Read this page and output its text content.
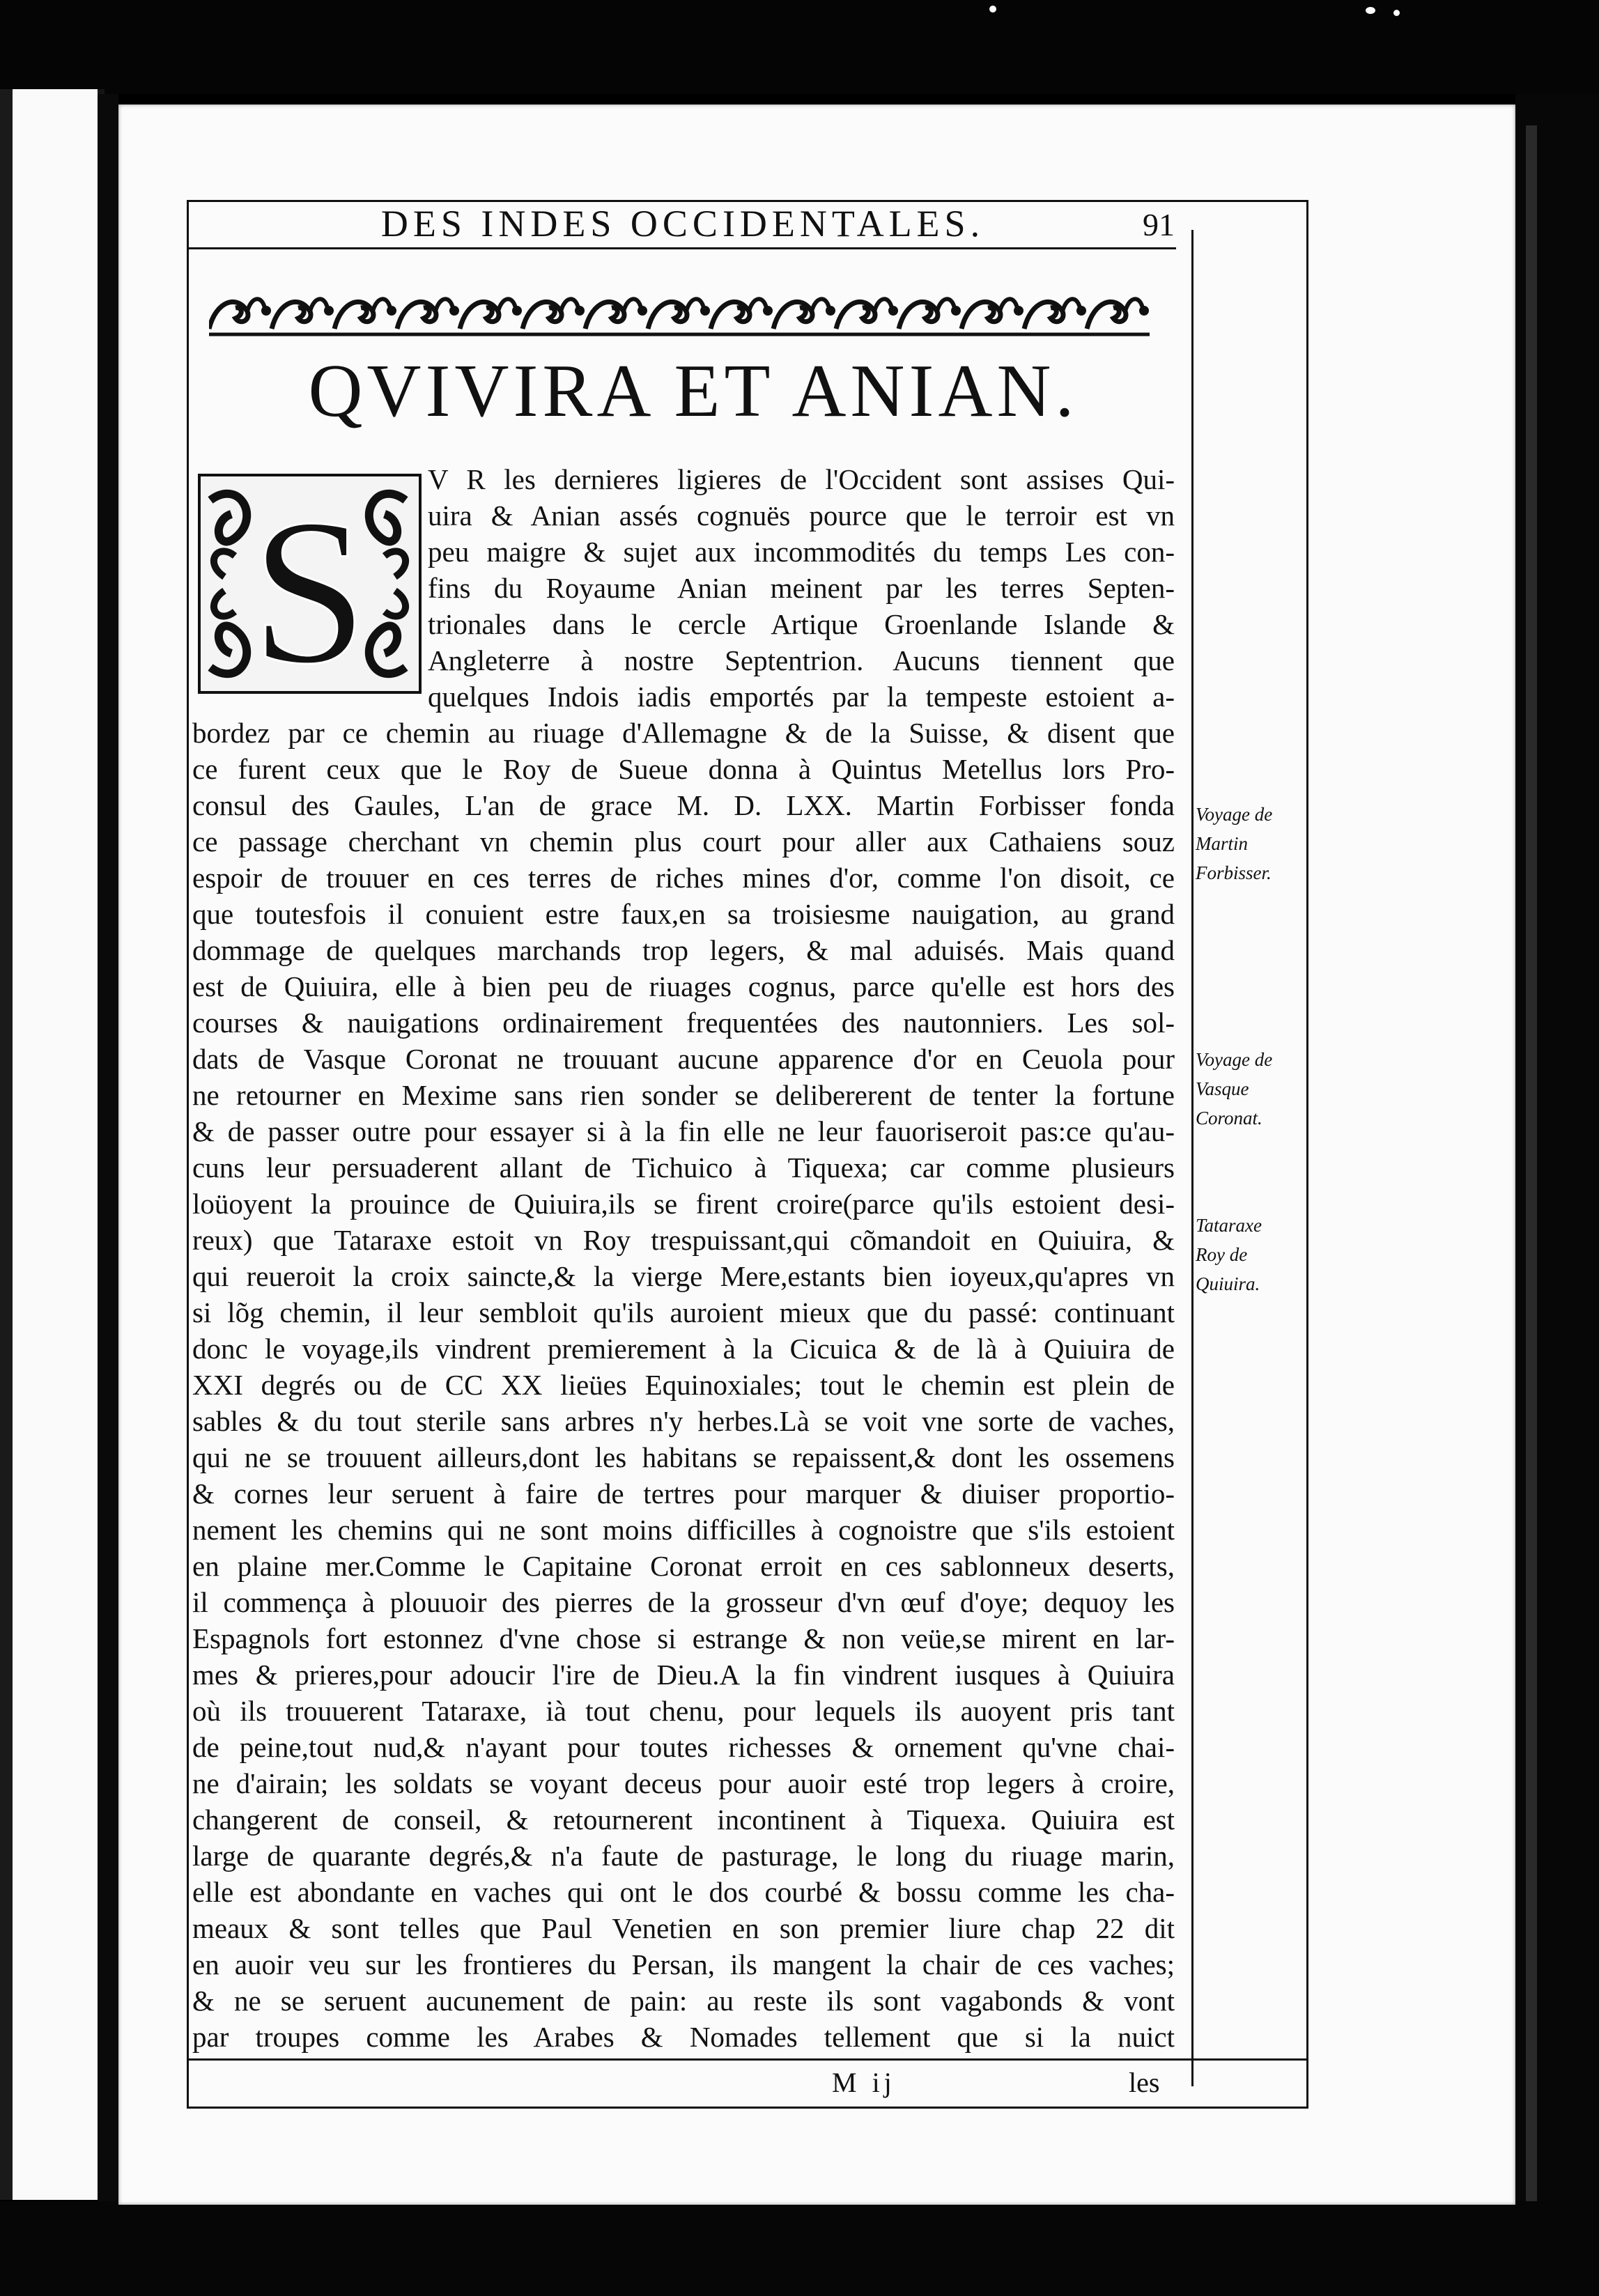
DES INDES OCCIDENTALES.	91
QVIVIRA ET ANIAN.
S V R les dernieres ligieres de l'Occident sont assises Qui-
uira & Anian assés cognuës pource que le terroir est vn
peu maigre & sujet aux incommodités du temps Les con-
fins du Royaume Anian meinent par les terres Septen-
trionales dans le cercle Artique Groenlande Islande &
Angleterre à nostre Septentrion. Aucuns tiennent que
quelques Indois iadis emportés par la tempeste estoient a-
bordez par ce chemin au riuage d'Allemagne & de la Suisse, & disent que
ce furent ceux que le Roy de Sueue donna à Quintus Metellus lors Pro-
consul des Gaules, L'an de grace M. D. LXX. Martin Forbisser fonda
ce passage cherchant vn chemin plus court pour aller aux Cathaiens souz
espoir de trouuer en ces terres de riches mines d'or, comme l'on disoit, ce
que toutesfois il conuient estre faux,en sa troisiesme nauigation, au grand
dommage de quelques marchands trop legers, & mal aduisés. Mais quand
est de Quiuira, elle à bien peu de riuages cognus, parce qu'elle est hors des
courses & nauigations ordinairement frequentées des nautonniers. Les sol-
dats de Vasque Coronat ne trouuant aucune apparence d'or en Ceuola pour
ne retourner en Mexime sans rien sonder se delibererent de tenter la fortune
& de passer outre pour essayer si à la fin elle ne leur fauoriseroit pas:ce qu'au-
cuns leur persuaderent allant de Tichuico à Tiquexa; car comme plusieurs
loüoyent la prouince de Quiuira,ils se firent croire(parce qu'ils estoient desi-
reux) que Tataraxe estoit vn Roy trespuissant,qui cõmandoit en Quiuira, &
qui reueroit la croix saincte,& la vierge Mere,estants bien ioyeux,qu'apres vn
si lõg chemin, il leur sembloit qu'ils auroient mieux que du passé: continuant
donc le voyage,ils vindrent premierement à la Cicuica & de là à Quiuira de
XXI degrés ou de CC XX lieües Equinoxiales; tout le chemin est plein de
sables & du tout sterile sans arbres n'y herbes.Là se voit vne sorte de vaches,
qui ne se trouuent ailleurs,dont les habitans se repaissent,& dont les ossemens
& cornes leur seruent à faire de tertres pour marquer & diuiser proportio-
nement les chemins qui ne sont moins difficilles à cognoistre que s'ils estoient
en plaine mer.Comme le Capitaine Coronat erroit en ces sablonneux deserts,
il commença à plouuoir des pierres de la grosseur d'vn œuf d'oye; dequoy les
Espagnols fort estonnez d'vne chose si estrange & non veüe,se mirent en lar-
mes & prieres,pour adoucir l'ire de Dieu.A la fin vindrent iusques à Quiuira
où ils trouuerent Tataraxe, ià tout chenu, pour lequels ils auoyent pris tant
de peine,tout nud,& n'ayant pour toutes richesses & ornement qu'vne chai-
ne d'airain; les soldats se voyant deceus pour auoir esté trop legers à croire,
changerent de conseil, & retournerent incontinent à Tiquexa. Quiuira est
large de quarante degrés,& n'a faute de pasturage, le long du riuage marin,
elle est abondante en vaches qui ont le dos courbé & bossu comme les cha-
meaux & sont telles que Paul Venetien en son premier liure chap 22 dit
en auoir veu sur les frontieres du Persan, ils mangent la chair de ces vaches;
& ne se seruent aucunement de pain: au reste ils sont vagabonds & vont
par troupes comme les Arabes & Nomades tellement que si la nuict
Voyage de
Martin
Forbisser.
Voyage de
Vasque
Coronat.
Tataraxe
Roy de
Quiuira.
M ij	les
